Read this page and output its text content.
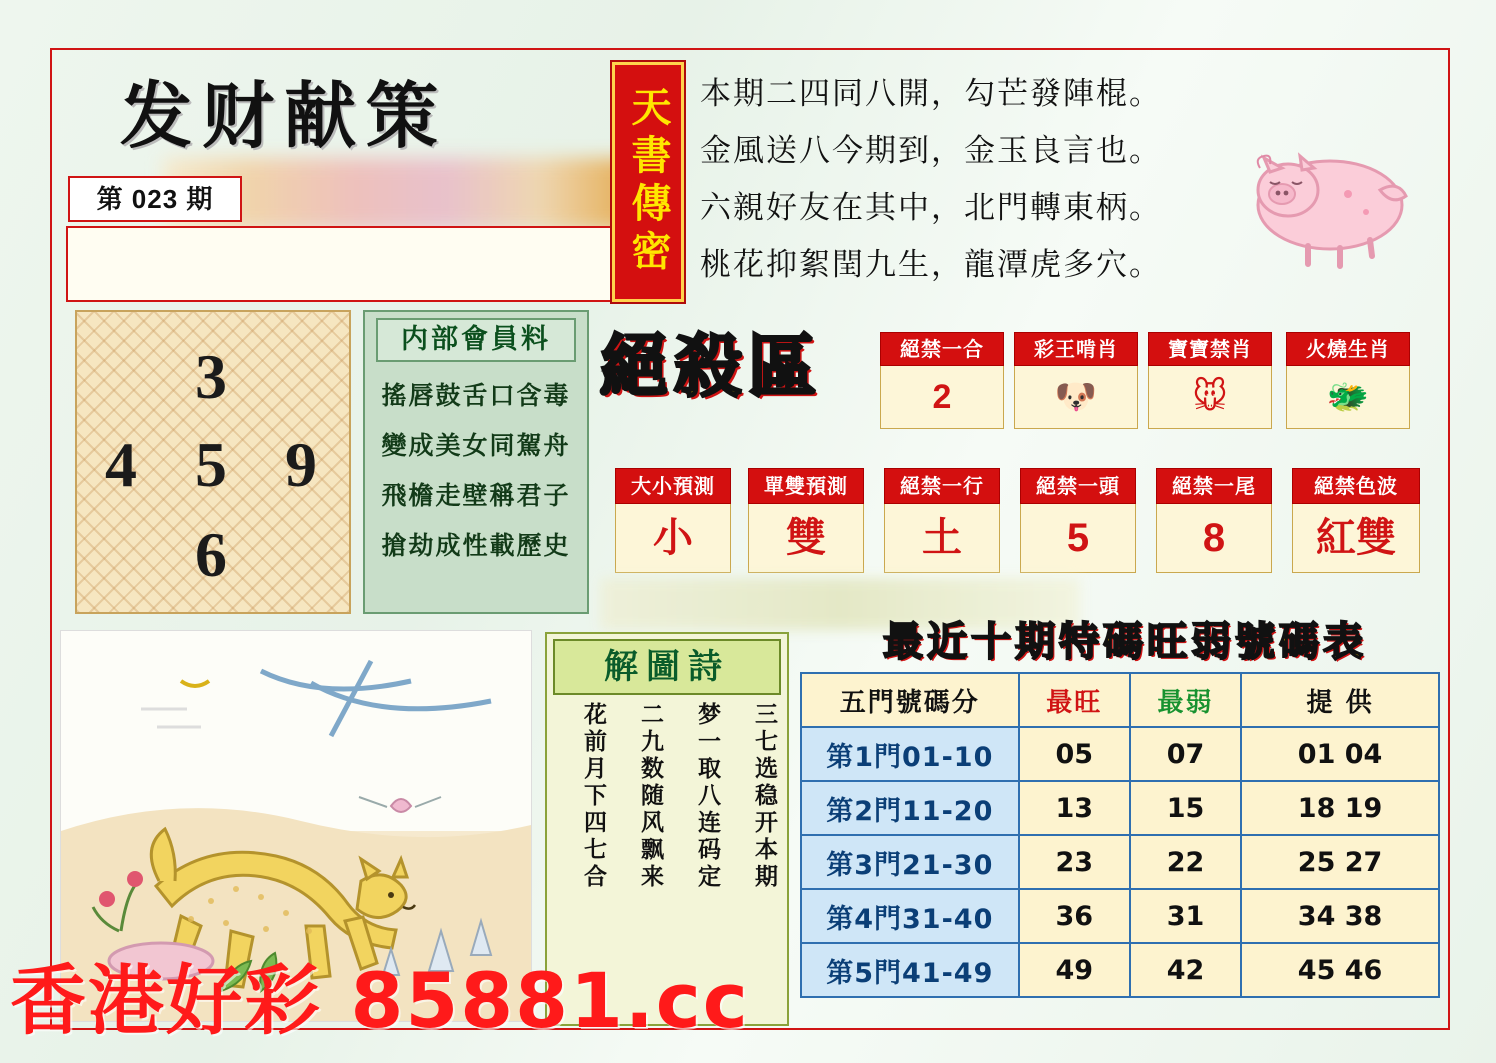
发财献策
第 023 期	天書傳密 本期二四同八開，勾芒發陣棍。
金風送八今期到，金玉良言也。
六親好友在其中，北門轉東柄。
桃花抑絮閏九生，龍潭虎多穴。
3
4 5 9
6
内部會員料
搖唇鼓舌口含毒
變成美女同駕舟
飛檐走壁稱君子
搶劫成性載歷史
絕殺區	絕禁一合
2
彩王啃肖
🐶
寶寶禁肖
🐭
火燒生肖
🐲
大小預測
小
單雙預測
雙
絕禁一行
土
絕禁一頭
5
絕禁一尾
8
絕禁色波
紅雙
解圖詩
三七选稳开本期
梦一取八连码定
二九数随风飘来
花前月下四七合
最近十期特碼旺弱號碼表
五門號碼分	最旺	最弱	提 供
第1門01-10	05	07	01 04
第2門11-20	13	15	18 19
第3門21-30	23	22	25 27
第4門31-40	36	31	34 38
第5門41-49	49	42	45 46
香港好彩 85881.cc
